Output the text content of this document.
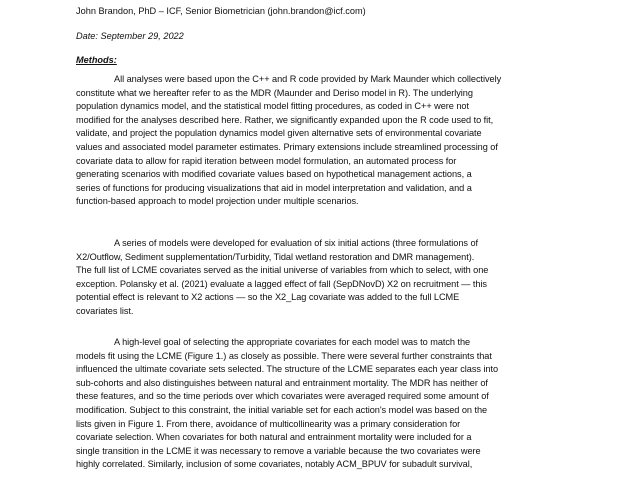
John Brandon, PhD – ICF, Senior Biometrician (john.brandon@icf.com)
Date: September 29, 2022
Methods:
All analyses were based upon the C++ and R code provided by Mark Maunder which collectively
constitute what we hereafter refer to as the MDR (Maunder and Deriso model in R). The underlying
population dynamics model, and the statistical model fitting procedures, as coded in C++ were not
modified for the analyses described here. Rather, we significantly expanded upon the R code used to fit,
validate, and project the population dynamics model given alternative sets of environmental covariate
values and associated model parameter estimates. Primary extensions include streamlined processing of
covariate data to allow for rapid iteration between model formulation, an automated process for
generating scenarios with modified covariate values based on hypothetical management actions, a
series of functions for producing visualizations that aid in model interpretation and validation, and a
function-based approach to model projection under multiple scenarios.
A series of models were developed for evaluation of six initial actions (three formulations of
X2/Outflow, Sediment supplementation/Turbidity, Tidal wetland restoration and DMR management).
The full list of LCME covariates served as the initial universe of variables from which to select, with one
exception. Polansky et al. (2021) evaluate a lagged effect of fall (SepDNovD) X2 on recruitment — this
potential effect is relevant to X2 actions — so the X2_Lag covariate was added to the full LCME
covariates list.
A high-level goal of selecting the appropriate covariates for each model was to match the
models fit using the LCME (Figure 1.) as closely as possible. There were several further constraints that
influenced the ultimate covariate sets selected. The structure of the LCME separates each year class into
sub-cohorts and also distinguishes between natural and entrainment mortality. The MDR has neither of
these features, and so the time periods over which covariates were averaged required some amount of
modification. Subject to this constraint, the initial variable set for each action's model was based on the
lists given in Figure 1. From there, avoidance of multicollinearity was a primary consideration for
covariate selection. When covariates for both natural and entrainment mortality were included for a
single transition in the LCME it was necessary to remove a variable because the two covariates were
highly correlated. Similarly, inclusion of some covariates, notably ACM_BPUV for subadult survival,
